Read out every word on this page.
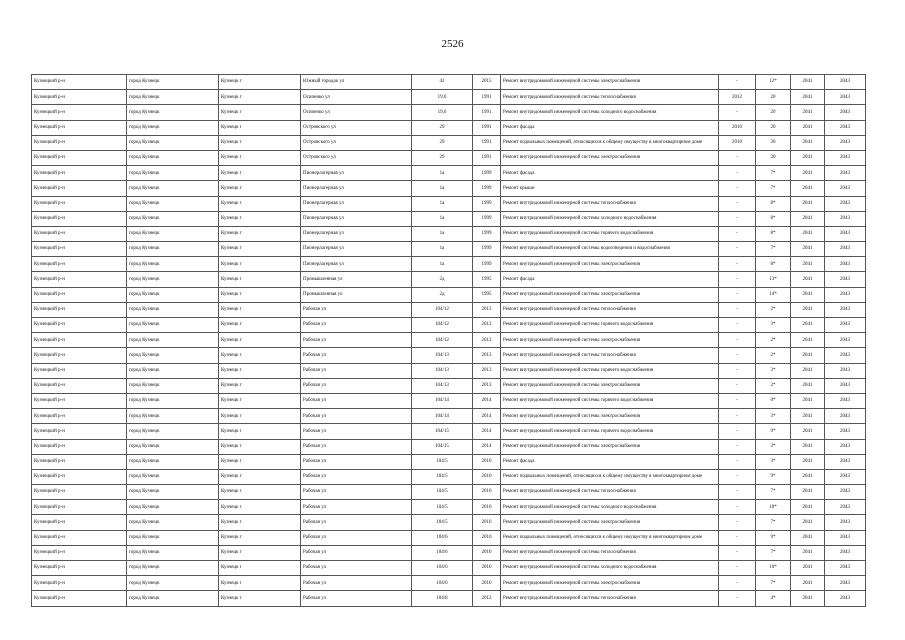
2526
Кузнецкий р-н	город Кузнецк	Кузнецк г	Южный городок ул	42	2015	Ремонт внутридомовой инженерной системы электроснабжения	-	12*	2041	2043
Кузнецкий р-н	город Кузнецк	Кузнецк г	Осипенко ул	19,6	1991	Ремонт внутридомовой инженерной системы теплоснабжения	2012	20	2041	2043
Кузнецкий р-н	город Кузнецк	Кузнецк г	Осипенко ул	19,6	1991	Ремонт внутридомовой инженерной системы холодного водоснабжения	-	20	2041	2043
Кузнецкий р-н	город Кузнецк	Кузнецк г	Островского ул	29	1991	Ремонт фасада	2010	20	2041	2043
Кузнецкий р-н	город Кузнецк	Кузнецк г	Островского ул	29	1991	Ремонт подвальных помещений, относящихся к общему имуществу в многоквартирном доме	2010	20	2041	2043
Кузнецкий р-н	город Кузнецк	Кузнецк г	Островского ул	29	1991	Ремонт внутридомовой инженерной системы электроснабжения	-	20	2041	2043
Кузнецкий р-н	город Кузнецк	Кузнецк г	Пионерлагерная ул	1а	1999	Ремонт фасада	-	7*	2041	2043
Кузнецкий р-н	город Кузнецк	Кузнецк г	Пионерлагерная ул	1а	1999	Ремонт крыши	-	7*	2041	2043
Кузнецкий р-н	город Кузнецк	Кузнецк г	Пионерлагерная ул	1а	1999	Ремонт внутридомовой инженерной системы теплоснабжения	-	8*	2041	2043
Кузнецкий р-н	город Кузнецк	Кузнецк г	Пионерлагерная ул	1а	1999	Ремонт внутридомовой инженерной системы холодного водоснабжения	-	8*	2041	2043
Кузнецкий р-н	город Кузнецк	Кузнецк г	Пионерлагерная ул	1а	1999	Ремонт внутридомовой инженерной системы горячего водоснабжения	-	8*	2041	2043
Кузнецкий р-н	город Кузнецк	Кузнецк г	Пионерлагерная ул	1а	1999	Ремонт внутридомовой инженерной системы водоотведения и водоснабжения	-	7*	2041	2043
Кузнецкий р-н	город Кузнецк	Кузнецк г	Пионерлагерная ул	1а	1999	Ремонт внутридомовой инженерной системы электроснабжения	-	8*	2041	2043
Кузнецкий р-н	город Кузнецк	Кузнецк г	Промышленная ул	2д	1995	Ремонт фасада	-	13*	2041	2043
Кузнецкий р-н	город Кузнецк	Кузнецк г	Промышленная ул	2д	1995	Ремонт внутридомовой инженерной системы электроснабжения	-	14*	2041	2043
Кузнецкий р-н	город Кузнецк	Кузнецк г	Рабочая ул	104/12	2013	Ремонт внутридомовой инженерной системы теплоснабжения	-	2*	2041	2043
Кузнецкий р-н	город Кузнецк	Кузнецк г	Рабочая ул	104/12	2013	Ремонт внутридомовой инженерной системы горячего водоснабжения	-	3*	2041	2043
Кузнецкий р-н	город Кузнецк	Кузнецк г	Рабочая ул	104/12	2013	Ремонт внутридомовой инженерной системы электроснабжения	-	2*	2041	2043
Кузнецкий р-н	город Кузнецк	Кузнецк г	Рабочая ул	104/13	2013	Ремонт внутридомовой инженерной системы теплоснабжения	-	2*	2041	2043
Кузнецкий р-н	город Кузнецк	Кузнецк г	Рабочая ул	104/13	2013	Ремонт внутридомовой инженерной системы горячего водоснабжения	-	3*	2041	2043
Кузнецкий р-н	город Кузнецк	Кузнецк г	Рабочая ул	104/13	2013	Ремонт внутридомовой инженерной системы электроснабжения	-	2*	2041	2043
Кузнецкий р-н	город Кузнецк	Кузнецк г	Рабочая ул	104/14	2014	Ремонт внутридомовой инженерной системы горячего водоснабжения	-	0*	2041	2043
Кузнецкий р-н	город Кузнецк	Кузнецк г	Рабочая ул	104/14	2014	Ремонт внутридомовой инженерной системы электроснабжения	-	3*	2041	2043
Кузнецкий р-н	город Кузнецк	Кузнецк г	Рабочая ул	104/15	2014	Ремонт внутридомовой инженерной системы горячего водоснабжения	-	0*	2041	2043
Кузнецкий р-н	город Кузнецк	Кузнецк г	Рабочая ул	104/15	2014	Ремонт внутридомовой инженерной системы электроснабжения	-	3*	2041	2043
Кузнецкий р-н	город Кузнецк	Кузнецк г	Рабочая ул	104/5	2010	Ремонт фасада	-	3*	2041	2043
Кузнецкий р-н	город Кузнецк	Кузнецк г	Рабочая ул	104/5	2010	Ремонт подвальных помещений, относящихся к общему имуществу в многоквартирном доме	-	9*	2041	2043
Кузнецкий р-н	город Кузнецк	Кузнецк г	Рабочая ул	104/5	2010	Ремонт внутридомовой инженерной системы теплоснабжения	-	7*	2041	2043
Кузнецкий р-н	город Кузнецк	Кузнецк г	Рабочая ул	104/5	2010	Ремонт внутридомовой инженерной системы холодного водоснабжения	-	10*	2041	2043
Кузнецкий р-н	город Кузнецк	Кузнецк г	Рабочая ул	104/5	2010	Ремонт внутридомовой инженерной системы электроснабжения	-	7*	2041	2043
Кузнецкий р-н	город Кузнецк	Кузнецк г	Рабочая ул	104/6	2010	Ремонт подвальных помещений, относящихся к общему имуществу в многоквартирном доме	-	9*	2041	2043
Кузнецкий р-н	город Кузнецк	Кузнецк г	Рабочая ул	104/6	2010	Ремонт внутридомовой инженерной системы теплоснабжения	-	7*	2041	2043
Кузнецкий р-н	город Кузнецк	Кузнецк г	Рабочая ул	104/6	2010	Ремонт внутридомовой инженерной системы холодного водоснабжения	-	10*	2041	2043
Кузнецкий р-н	город Кузнецк	Кузнецк г	Рабочая ул	104/6	2010	Ремонт внутридомовой инженерной системы электроснабжения	-	7*	2041	2043
Кузнецкий р-н	город Кузнецк	Кузнецк г	Рабочая ул	104/8	2012	Ремонт внутридомовой инженерной системы теплоснабжения	-	4*	2041	2043
